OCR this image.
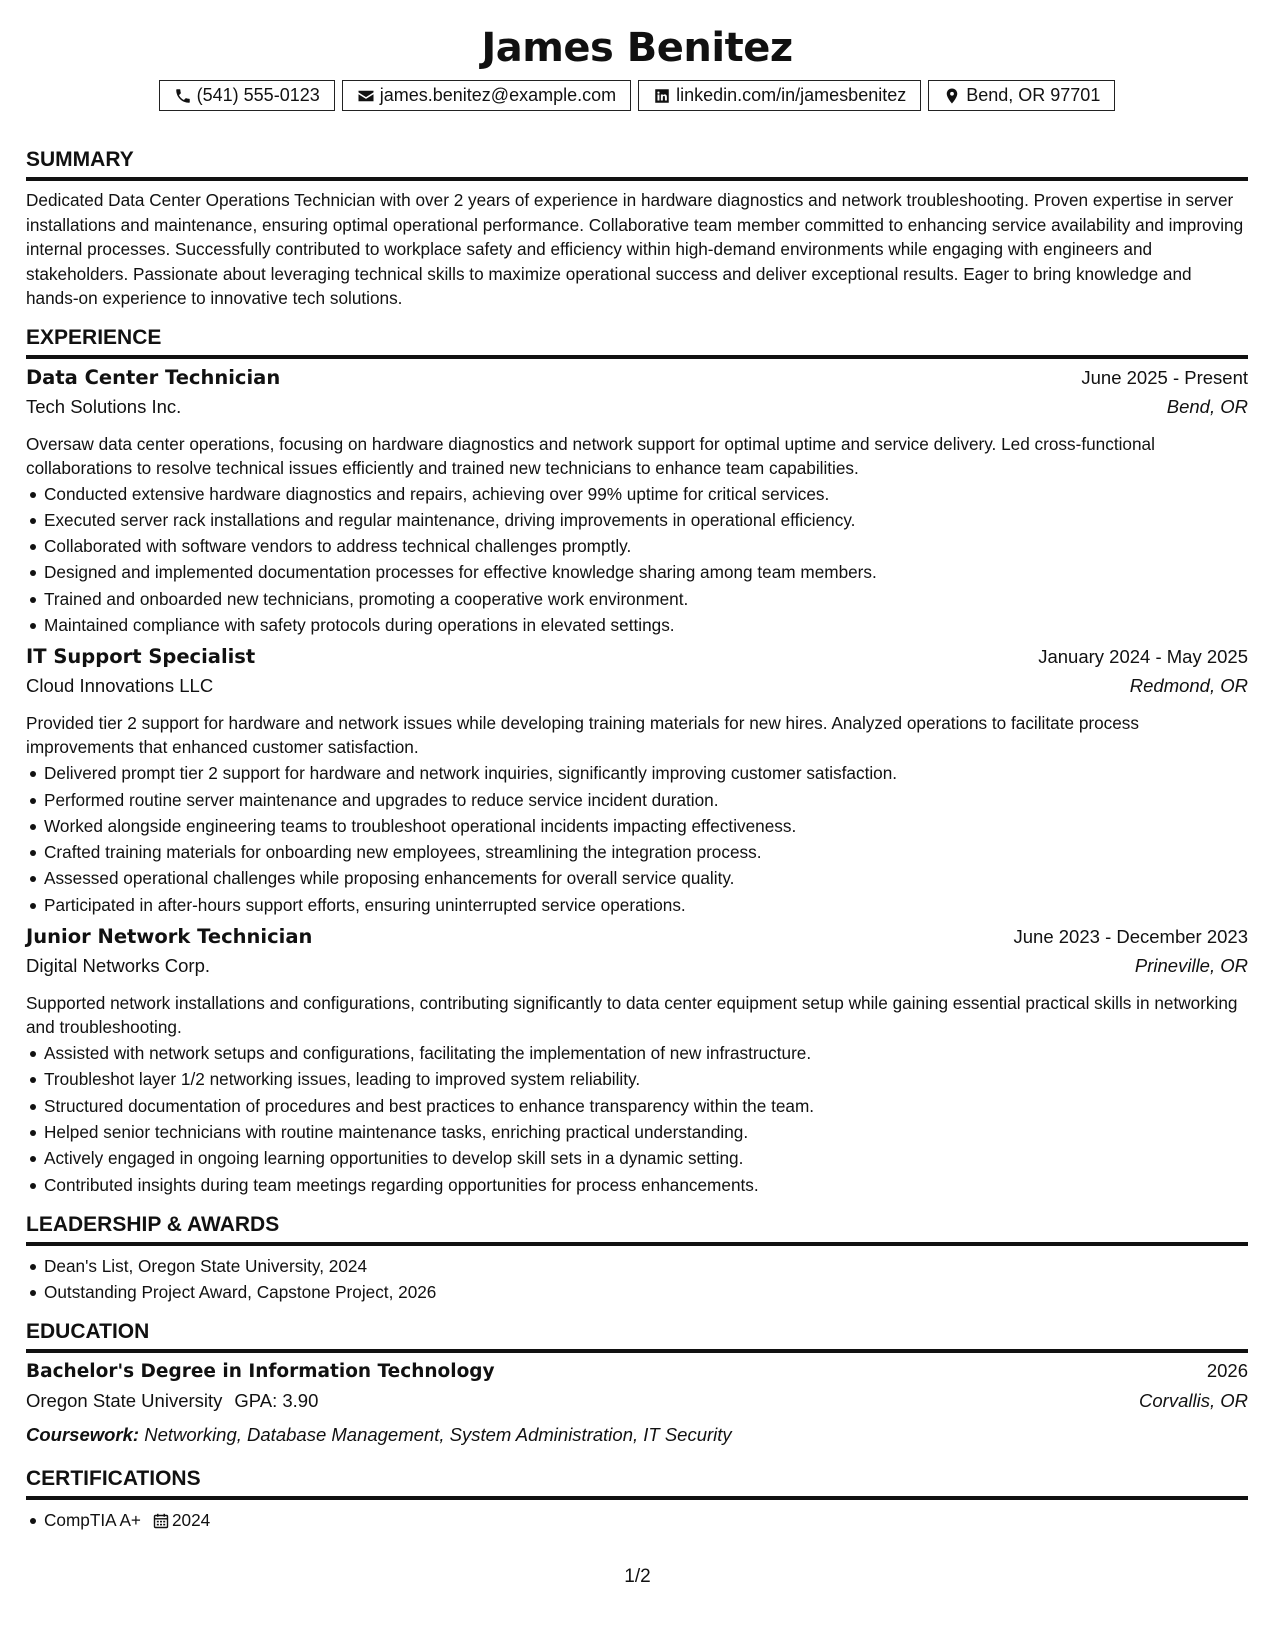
James Benitez
(541) 555-0123	james.benitez@example.com	linkedin.com/in/jamesbenitez	Bend, OR 97701
SUMMARY

Dedicated Data Center Operations Technician with over 2 years of experience in hardware diagnostics and network troubleshooting. Proven expertise in server installations and maintenance, ensuring optimal operational performance. Collaborative team member committed to enhancing service availability and improving internal processes. Successfully contributed to workplace safety and efficiency within high-demand environments while engaging with engineers and stakeholders. Passionate about leveraging technical skills to maximize operational success and deliver exceptional results. Eager to bring knowledge and hands-on experience to innovative tech solutions.

EXPERIENCE
Data Center Technician	June 2025 - Present
Tech Solutions Inc.	Bend, OR

Oversaw data center operations, focusing on hardware diagnostics and network support for optimal uptime and service delivery. Led cross-functional collaborations to resolve technical issues efficiently and trained new technicians to enhance team capabilities.

Conducted extensive hardware diagnostics and repairs, achieving over 99% uptime for critical services.
Executed server rack installations and regular maintenance, driving improvements in operational efficiency.
Collaborated with software vendors to address technical challenges promptly.
Designed and implemented documentation processes for effective knowledge sharing among team members.
Trained and onboarded new technicians, promoting a cooperative work environment.
Maintained compliance with safety protocols during operations in elevated settings.
IT Support Specialist	January 2024 - May 2025
Cloud Innovations LLC	Redmond, OR

Provided tier 2 support for hardware and network issues while developing training materials for new hires. Analyzed operations to facilitate process improvements that enhanced customer satisfaction.

Delivered prompt tier 2 support for hardware and network inquiries, significantly improving customer satisfaction.
Performed routine server maintenance and upgrades to reduce service incident duration.
Worked alongside engineering teams to troubleshoot operational incidents impacting effectiveness.
Crafted training materials for onboarding new employees, streamlining the integration process.
Assessed operational challenges while proposing enhancements for overall service quality.
Participated in after-hours support efforts, ensuring uninterrupted service operations.
Junior Network Technician	June 2023 - December 2023
Digital Networks Corp.	Prineville, OR

Supported network installations and configurations, contributing significantly to data center equipment setup while gaining essential practical skills in networking and troubleshooting.

Assisted with network setups and configurations, facilitating the implementation of new infrastructure.
Troubleshot layer 1/2 networking issues, leading to improved system reliability.
Structured documentation of procedures and best practices to enhance transparency within the team.
Helped senior technicians with routine maintenance tasks, enriching practical understanding.
Actively engaged in ongoing learning opportunities to develop skill sets in a dynamic setting.
Contributed insights during team meetings regarding opportunities for process enhancements.
LEADERSHIP & AWARDS
Dean's List, Oregon State University, 2024
Outstanding Project Award, Capstone Project, 2026
EDUCATION
Bachelor's Degree in Information Technology	2026
Oregon State University GPA: 3.90	Corvallis, OR
Coursework: Networking, Database Management, System Administration, IT Security
CERTIFICATIONS
CompTIA A+ 2024
1/2
